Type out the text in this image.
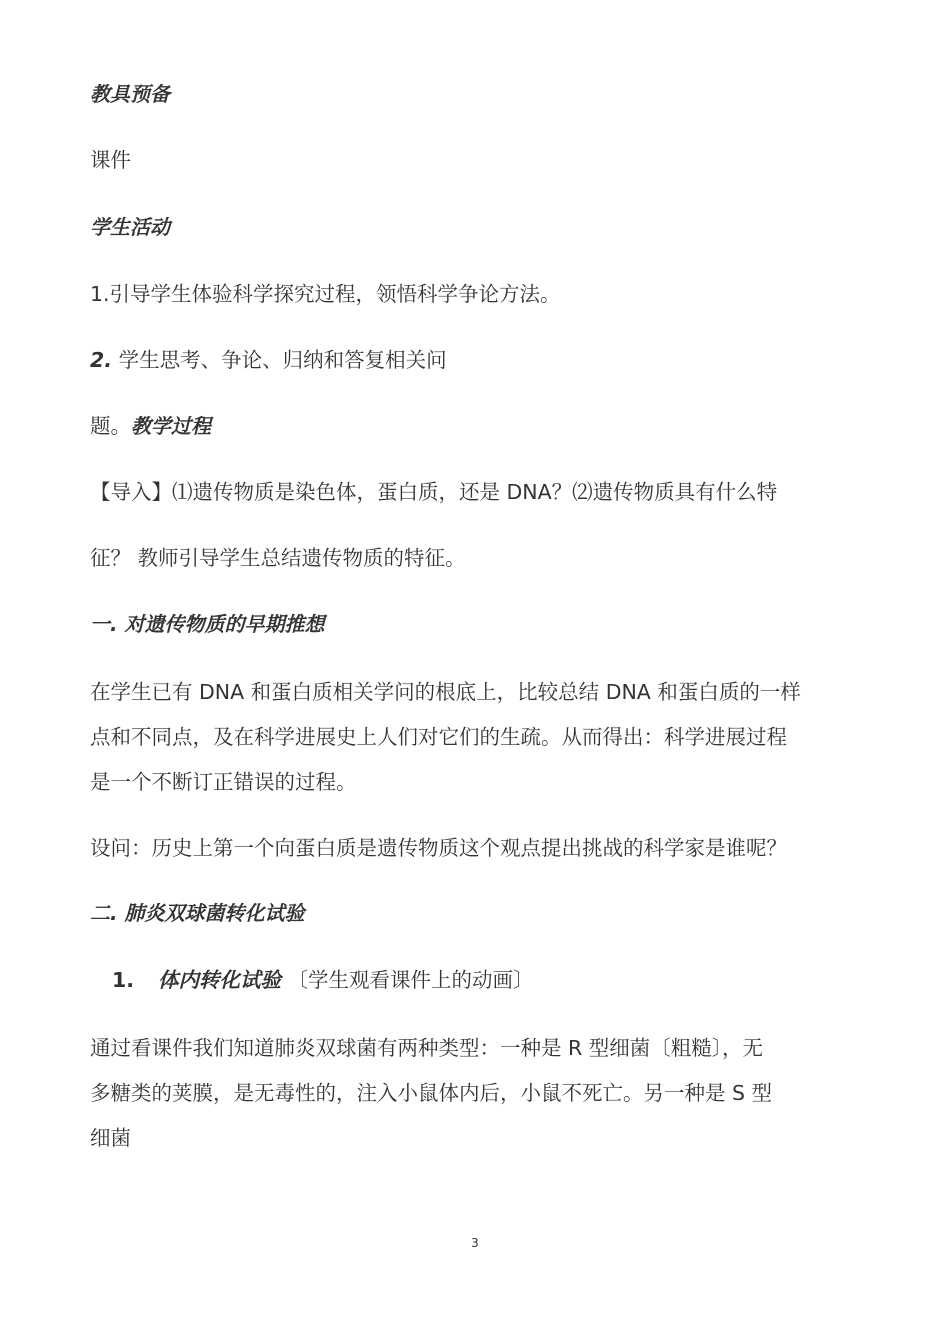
教具预备

课件

学生活动

1.引导学生体验科学探究过程，领悟科学争论方法。

2. 学生思考、争论、归纳和答复相关问

题。教学过程

【导入】⑴遗传物质是染色体，蛋白质，还是 DNA？⑵遗传物质具有什么特

征？ 教师引导学生总结遗传物质的特征。

一. 对遗传物质的早期推想

在学生已有 DNA 和蛋白质相关学问的根底上，比较总结 DNA 和蛋白质的一样
点和不同点，及在科学进展史上人们对它们的生疏。从而得出：科学进展过程
是一个不断订正错误的过程。

设问：历史上第一个向蛋白质是遗传物质这个观点提出挑战的科学家是谁呢？

二. 肺炎双球菌转化试验

1. 体内转化试验 〔学生观看课件上的动画〕

通过看课件我们知道肺炎双球菌有两种类型：一种是 R 型细菌〔粗糙〕，无
多糖类的荚膜，是无毒性的，注入小鼠体内后，小鼠不死亡。另一种是 S 型
细菌
3
